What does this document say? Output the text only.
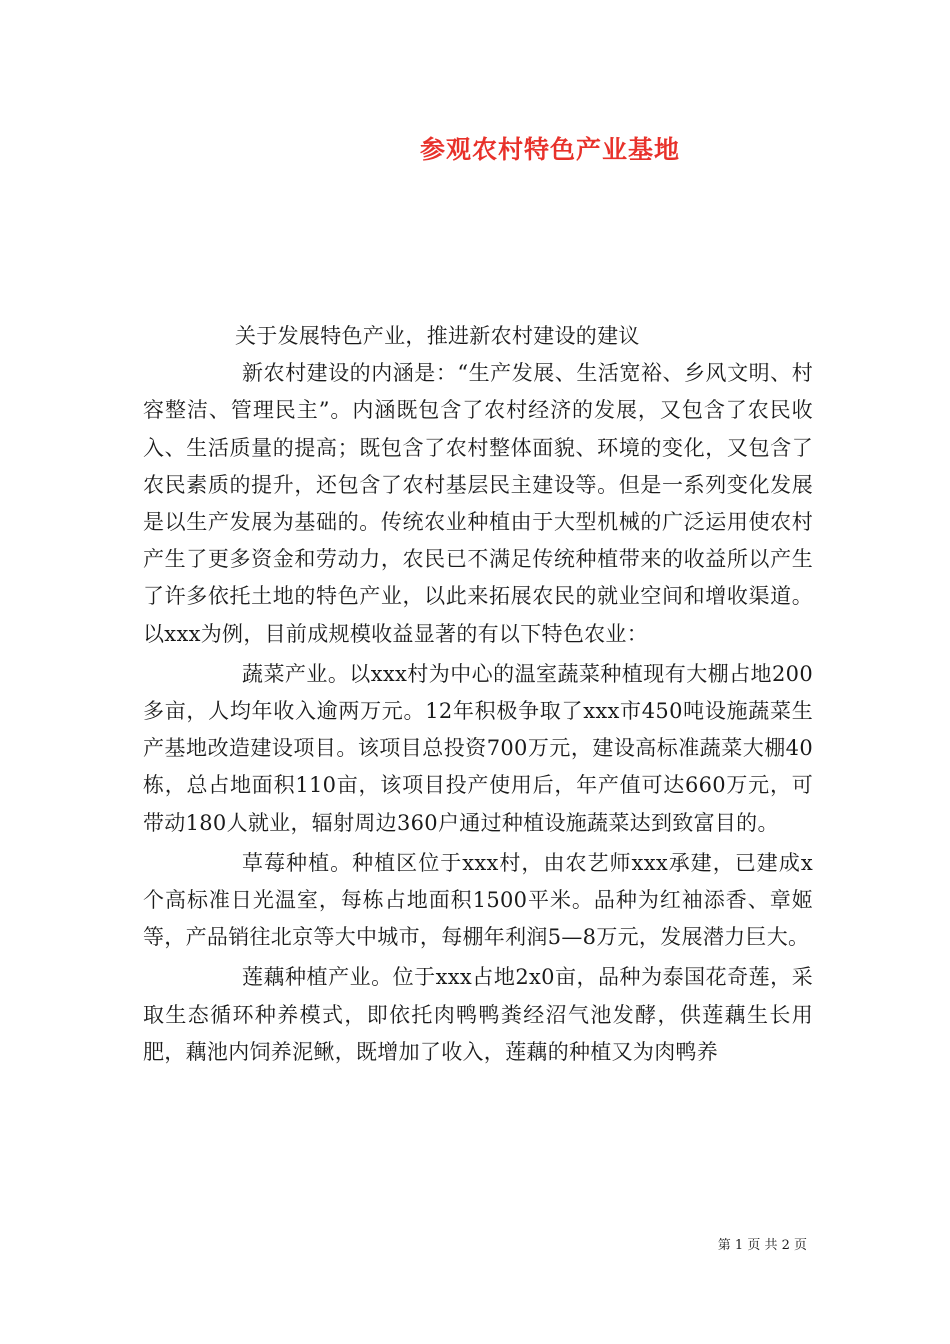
参观农村特色产业基地

关于发展特色产业，推进新农村建设的建议

新农村建设的内涵是：“生产发展、生活宽裕、乡风文明、村容整洁、管理民主”。内涵既包含了农村经济的发展，又包含了农民收入、生活质量的提高；既包含了农村整体面貌、环境的变化，又包含了农民素质的提升，还包含了农村基层民主建设等。但是一系列变化发展是以生产发展为基础的。传统农业种植由于大型机械的广泛运用使农村产生了更多资金和劳动力，农民已不满足传统种植带来的收益所以产生了许多依托土地的特色产业，以此来拓展农民的就业空间和增收渠道。以xxx为例，目前成规模收益显著的有以下特色农业：

蔬菜产业。以xxx村为中心的温室蔬菜种植现有大棚占地200多亩，人均年收入逾两万元。12年积极争取了xxx市450吨设施蔬菜生产基地改造建设项目。该项目总投资700万元，建设高标准蔬菜大棚40栋，总占地面积110亩，该项目投产使用后，年产值可达660万元，可带动180人就业，辐射周边360户通过种植设施蔬菜达到致富目的。

草莓种植。种植区位于xxx村，由农艺师xxx承建，已建成x个高标准日光温室，每栋占地面积1500平米。品种为红袖添香、章姬等，产品销往北京等大中城市，每棚年利润5—8万元，发展潜力巨大。

莲藕种植产业。位于xxx占地2x0亩，品种为泰国花奇莲，采取生态循环种养模式，即依托肉鸭鸭粪经沼气池发酵，供莲藕生长用肥，藕池内饲养泥鳅，既增加了收入，莲藕的种植又为肉鸭养

第 1 页 共 2 页
